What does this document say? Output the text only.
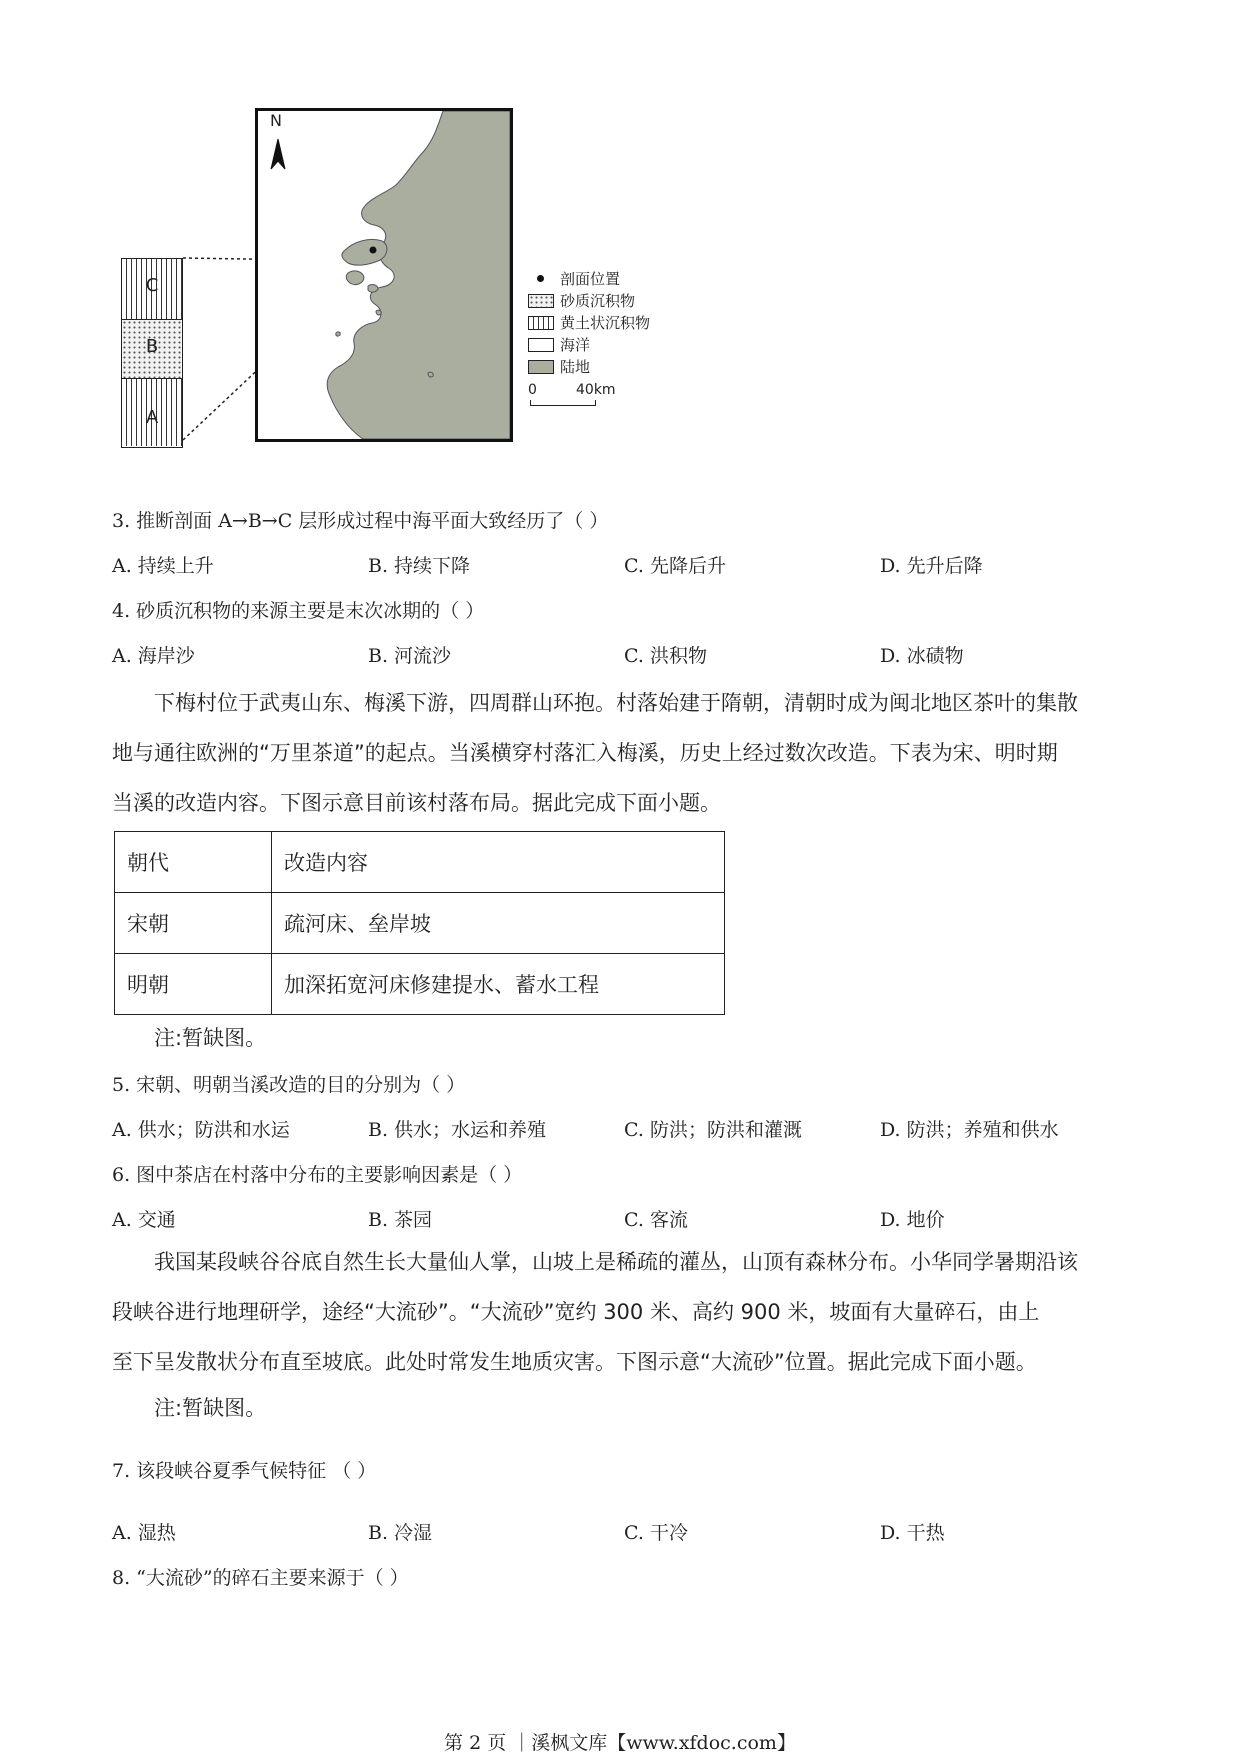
C
B
A
N
剖面位置
砂质沉积物
黄土状沉积物
海洋
陆地
0	40km
3. 推断剖面 A→B→C 层形成过程中海平面大致经历了（ ）
A. 持续上升	B. 持续下降	C. 先降后升	D. 先升后降
4. 砂质沉积物的来源主要是末次冰期的（ ）
A. 海岸沙	B. 河流沙	C. 洪积物	D. 冰碛物
下梅村位于武夷山东、梅溪下游，四周群山环抱。村落始建于隋朝，清朝时成为闽北地区茶叶的集散
地与通往欧洲的“万里茶道”的起点。当溪横穿村落汇入梅溪，历史上经过数次改造。下表为宋、明时期
当溪的改造内容。下图示意目前该村落布局。据此完成下面小题。
朝代	改造内容
宋朝	疏河床、垒岸坡
明朝	加深拓宽河床修建提水、蓄水工程
注:暂缺图。
5. 宋朝、明朝当溪改造的目的分别为（ ）
A. 供水；防洪和水运	B. 供水；水运和养殖	C. 防洪；防洪和灌溉	D. 防洪；养殖和供水
6. 图中茶店在村落中分布的主要影响因素是（ ）
A. 交通	B. 茶园	C. 客流	D. 地价
我国某段峡谷谷底自然生长大量仙人掌，山坡上是稀疏的灌丛，山顶有森林分布。小华同学暑期沿该
段峡谷进行地理研学，途经“大流砂”。“大流砂”宽约 300 米、高约 900 米，坡面有大量碎石，由上
至下呈发散状分布直至坡底。此处时常发生地质灾害。下图示意“大流砂”位置。据此完成下面小题。
注:暂缺图。
7. 该段峡谷夏季气候特征 （ ）
A. 湿热	B. 冷湿	C. 干冷	D. 干热
8. “大流砂”的碎石主要来源于（ ）
第 2 页 ｜溪枫文库【www.xfdoc.com】
